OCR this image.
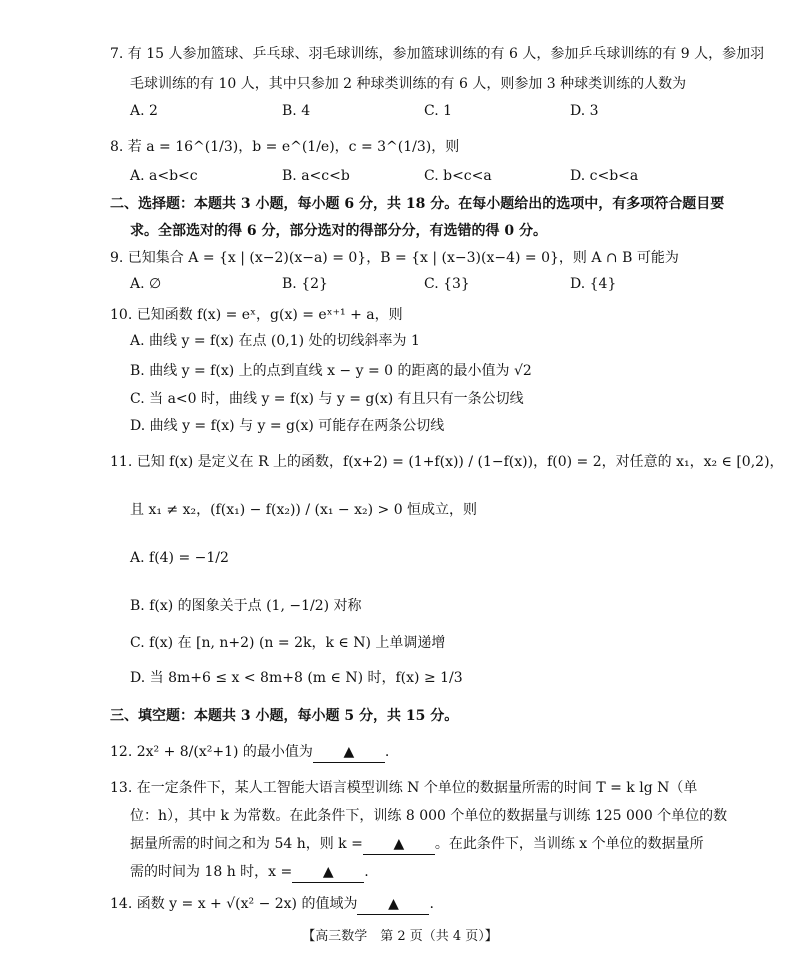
7. 有 15 人参加篮球、乒乓球、羽毛球训练，参加篮球训练的有 6 人，参加乒乓球训练的有 9 人，参加羽
毛球训练的有 10 人，其中只参加 2 种球类训练的有 6 人，则参加 3 种球类训练的人数为
A. 2	B. 4	C. 1	D. 3
8. 若 a = 16^(1/3)，b = e^(1/e)，c = 3^(1/3)，则
A. a<b<c	B. a<c<b	C. b<c<a	D. c<b<a
二、选择题：本题共 3 小题，每小题 6 分，共 18 分。在每小题给出的选项中，有多项符合题目要
求。全部选对的得 6 分，部分选对的得部分分，有选错的得 0 分。
9. 已知集合 A = {x | (x−2)(x−a) = 0}，B = {x | (x−3)(x−4) = 0}，则 A ∩ B 可能为
A. ∅	B. {2}	C. {3}	D. {4}
10. 已知函数 f(x) = eˣ，g(x) = eˣ⁺¹ + a，则
A. 曲线 y = f(x) 在点 (0,1) 处的切线斜率为 1
B. 曲线 y = f(x) 上的点到直线 x − y = 0 的距离的最小值为 √2
C. 当 a<0 时，曲线 y = f(x) 与 y = g(x) 有且只有一条公切线
D. 曲线 y = f(x) 与 y = g(x) 可能存在两条公切线
11. 已知 f(x) 是定义在 R 上的函数，f(x+2) = (1+f(x)) / (1−f(x))，f(0) = 2，对任意的 x₁，x₂ ∈ [0,2)，
且 x₁ ≠ x₂，(f(x₁) − f(x₂)) / (x₁ − x₂) > 0 恒成立，则
A. f(4) = −1/2
B. f(x) 的图象关于点 (1, −1/2) 对称
C. f(x) 在 [n, n+2) (n = 2k，k ∈ N) 上单调递增
D. 当 8m+6 ≤ x < 8m+8 (m ∈ N) 时，f(x) ≥ 1/3
三、填空题：本题共 3 小题，每小题 5 分，共 15 分。
12. 2x² + 8/(x²+1) 的最小值为 ▲ .
13. 在一定条件下，某人工智能大语言模型训练 N 个单位的数据量所需的时间 T = k lg N（单
位：h），其中 k 为常数。在此条件下，训练 8 000 个单位的数据量与训练 125 000 个单位的数
据量所需的时间之和为 54 h，则 k = ▲ 。在此条件下，当训练 x 个单位的数据量所
需的时间为 18 h 时，x = ▲ .
14. 函数 y = x + √(x² − 2x) 的值域为 ▲ .
【高三数学　第 2 页（共 4 页）】
